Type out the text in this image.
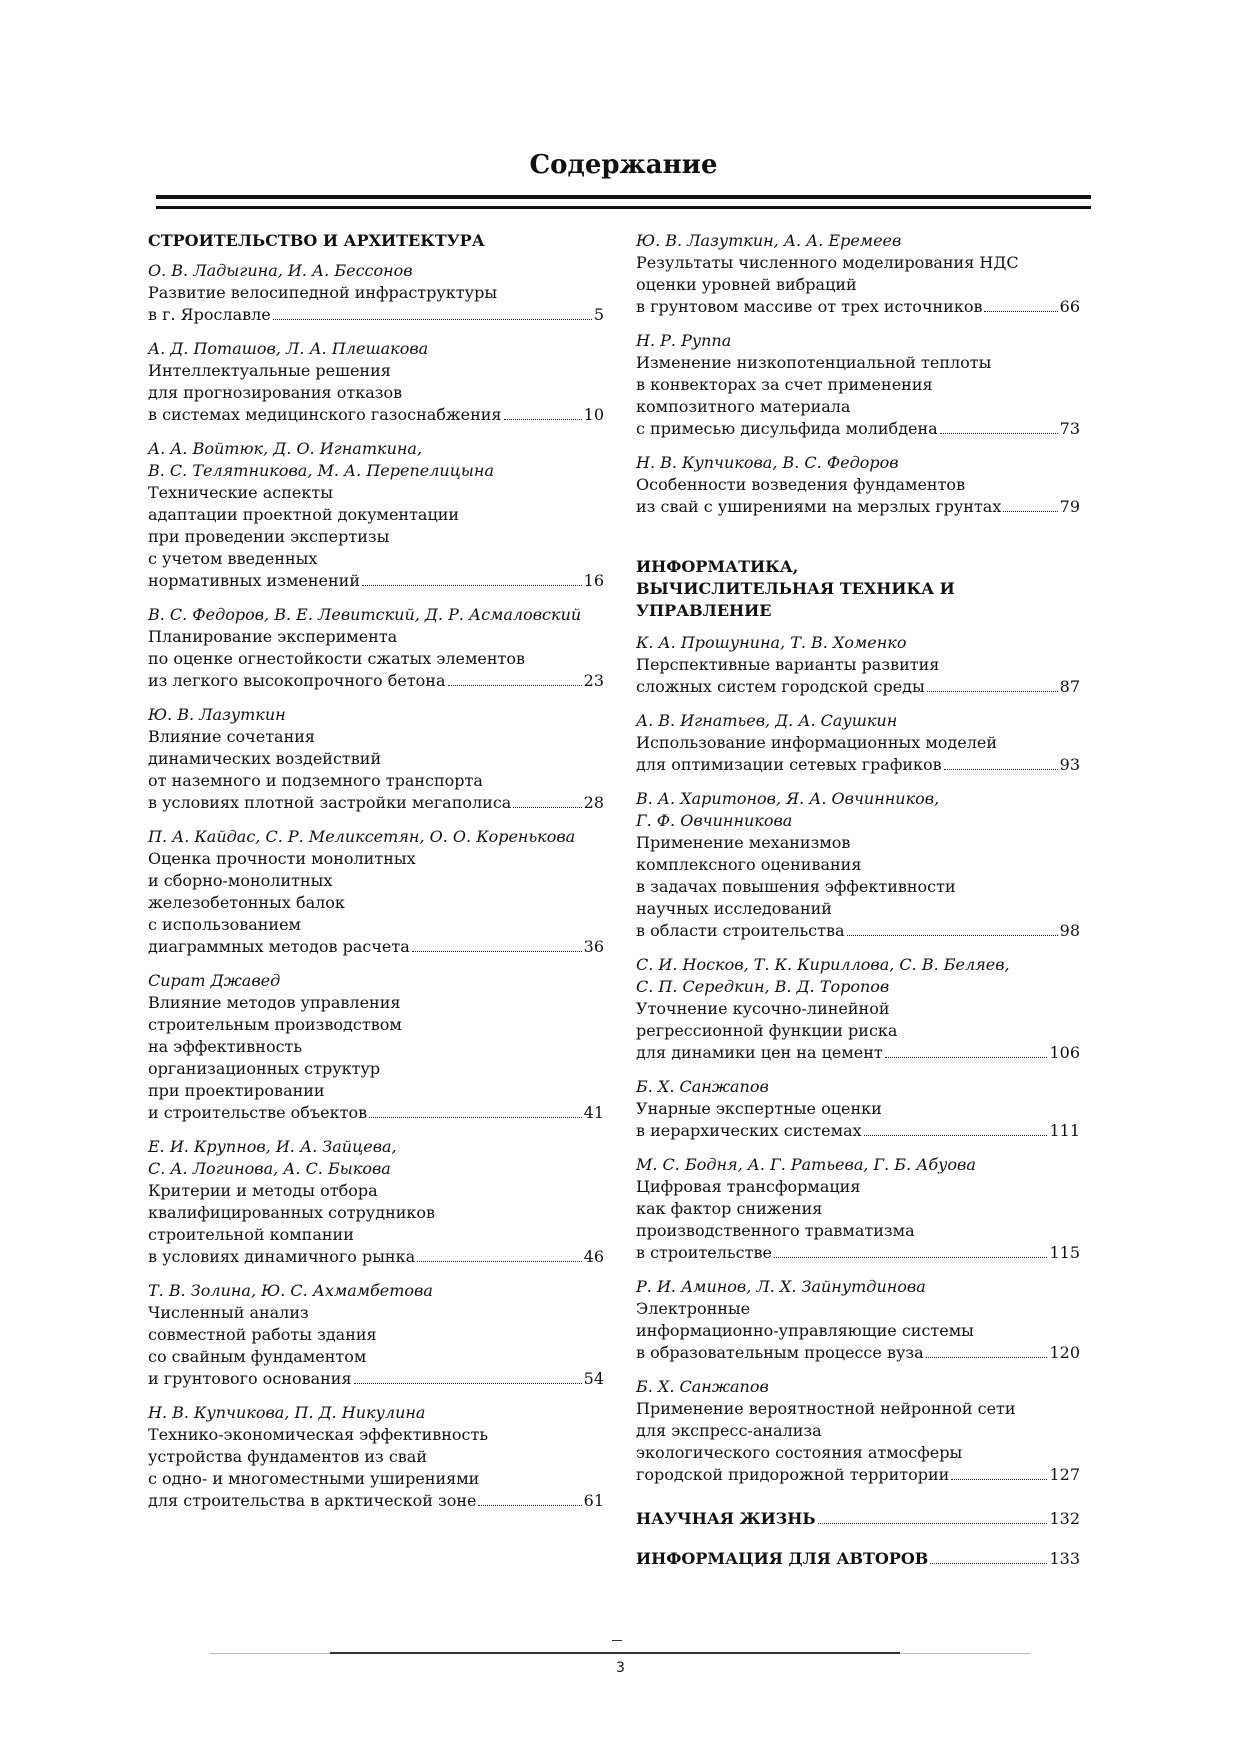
Содержание
СТРОИТЕЛЬСТВО И АРХИТЕКТУРА
О. В. Ладыгина, И. А. Бессонов
Развитие велосипедной инфраструктуры
в г. Ярославле	5
А. Д. Поташов, Л. А. Плешакова
Интеллектуальные решения
для прогнозирования отказов
в системах медицинского газоснабжения	10
А. А. Войтюк, Д. О. Игнаткина,
В. С. Телятникова, М. А. Перепелицына
Технические аспекты
адаптации проектной документации
при проведении экспертизы
с учетом введенных
нормативных изменений	16
В. С. Федоров, В. Е. Левитский, Д. Р. Асмаловский
Планирование эксперимента
по оценке огнестойкости сжатых элементов
из легкого высокопрочного бетона	23
Ю. В. Лазуткин
Влияние сочетания
динамических воздействий
от наземного и подземного транспорта
в условиях плотной застройки мегаполиса	28
П. А. Кайдас, С. Р. Меликсетян, О. О. Коренькова
Оценка прочности монолитных
и сборно-монолитных
железобетонных балок
с использованием
диаграммных методов расчета	36
Сират Джавед
Влияние методов управления
строительным производством
на эффективность
организационных структур
при проектировании
и строительстве объектов	41
Е. И. Крупнов, И. А. Зайцева,
С. А. Логинова, А. С. Быкова
Критерии и методы отбора
квалифицированных сотрудников
строительной компании
в условиях динамичного рынка	46
Т. В. Золина, Ю. С. Ахмамбетова
Численный анализ
совместной работы здания
со свайным фундаментом
и грунтового основания	54
Н. В. Купчикова, П. Д. Никулина
Технико-экономическая эффективность
устройства фундаментов из свай
с одно- и многоместными уширениями
для строительства в арктической зоне	61
Ю. В. Лазуткин, А. А. Еремеев
Результаты численного моделирования НДС
оценки уровней вибраций
в грунтовом массиве от трех источников	66
Н. Р. Руппа
Изменение низкопотенциальной теплоты
в конвекторах за счет применения
композитного материала
с примесью дисульфида молибдена	73
Н. В. Купчикова, В. С. Федоров
Особенности возведения фундаментов
из свай с уширениями на мерзлых грунтах	79
ИНФОРМАТИКА,
ВЫЧИСЛИТЕЛЬНАЯ ТЕХНИКА И УПРАВЛЕНИЕ
К. А. Прошунина, Т. В. Хоменко
Перспективные варианты развития
сложных систем городской среды	87
А. В. Игнатьев, Д. А. Саушкин
Использование информационных моделей
для оптимизации сетевых графиков	93
В. А. Харитонов, Я. А. Овчинников,
Г. Ф. Овчинникова
Применение механизмов
комплексного оценивания
в задачах повышения эффективности
научных исследований
в области строительства	98
С. И. Носков, Т. К. Кириллова, С. В. Беляев,
С. П. Середкин, В. Д. Торопов
Уточнение кусочно-линейной
регрессионной функции риска
для динамики цен на цемент	106
Б. Х. Санжапов
Унарные экспертные оценки
в иерархических системах	111
М. С. Бодня, А. Г. Ратьева, Г. Б. Абуова
Цифровая трансформация
как фактор снижения
производственного травматизма
в строительстве	115
Р. И. Аминов, Л. Х. Зайнутдинова
Электронные
информационно-управляющие системы
в образовательным процессе вуза	120
Б. Х. Санжапов
Применение вероятностной нейронной сети
для экспресс-анализа
экологического состояния атмосферы
городской придорожной территории	127
НАУЧНАЯ ЖИЗНЬ	132
ИНФОРМАЦИЯ ДЛЯ АВТОРОВ	133
3
